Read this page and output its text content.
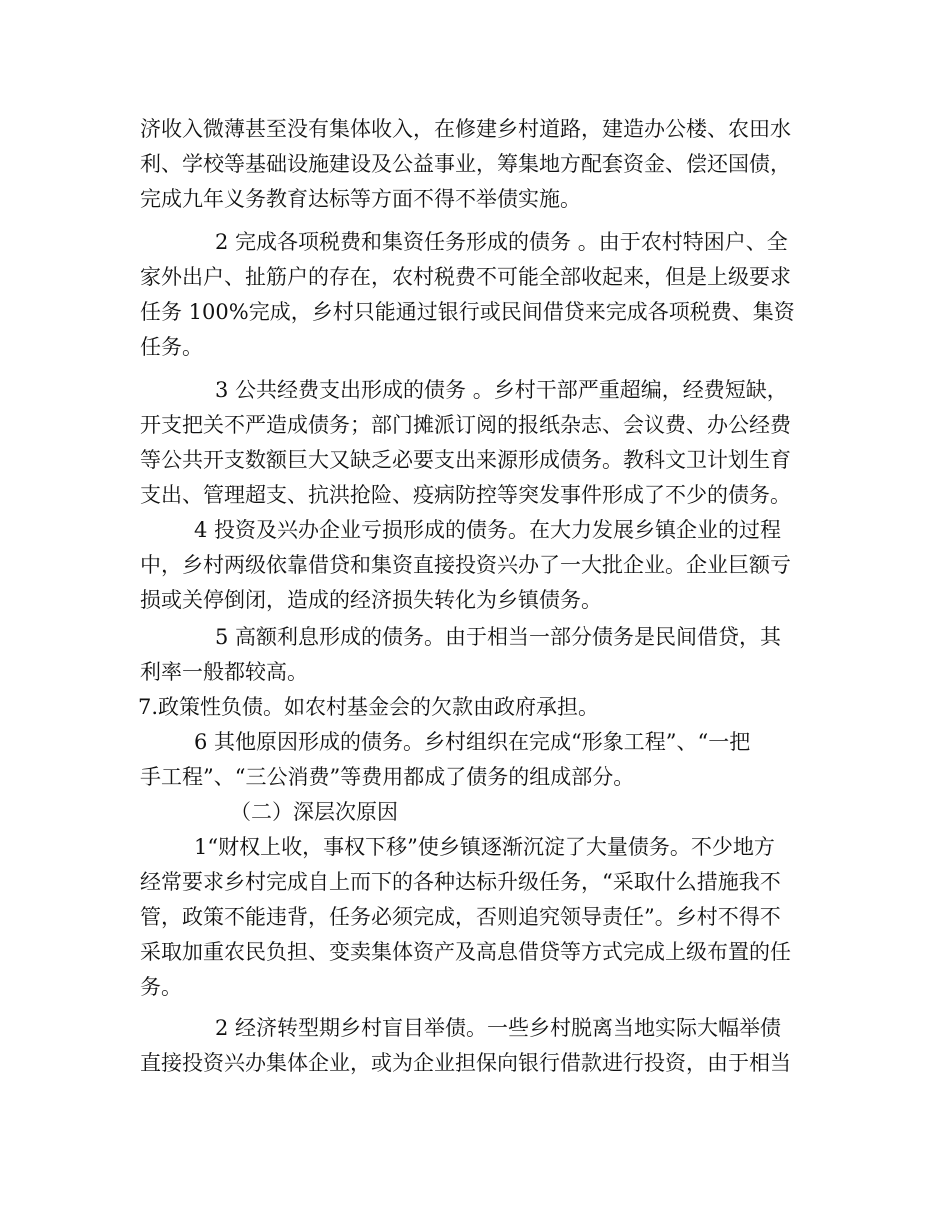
济收入微薄甚至没有集体收入，在修建乡村道路，建造办公楼、农田水
利、学校等基础设施建设及公益事业，筹集地方配套资金、偿还国债，
完成九年义务教育达标等方面不得不举债实施。
2 完成各项税费和集资任务形成的债务 。由于农村特困户、全
家外出户、扯筋户的存在，农村税费不可能全部收起来，但是上级要求
任务 100%完成，乡村只能通过银行或民间借贷来完成各项税费、集资
任务。
3 公共经费支出形成的债务 。乡村干部严重超编，经费短缺，
开支把关不严造成债务；部门摊派订阅的报纸杂志、会议费、办公经费
等公共开支数额巨大又缺乏必要支出来源形成债务。教科文卫计划生育
支出、管理超支、抗洪抢险、疫病防控等突发事件形成了不少的债务。
4 投资及兴办企业亏损形成的债务。在大力发展乡镇企业的过程
中，乡村两级依靠借贷和集资直接投资兴办了一大批企业。企业巨额亏
损或关停倒闭，造成的经济损失转化为乡镇债务。
5 高额利息形成的债务。由于相当一部分债务是民间借贷，其
利率一般都较高。
7.政策性负债。如农村基金会的欠款由政府承担。
6 其他原因形成的债务。乡村组织在完成“形象工程”、“一把
手工程”、“三公消费”等费用都成了债务的组成部分。
（二）深层次原因
1“财权上收，事权下移”使乡镇逐渐沉淀了大量债务。不少地方
经常要求乡村完成自上而下的各种达标升级任务，“采取什么措施我不
管，政策不能违背，任务必须完成，否则追究领导责任”。乡村不得不
采取加重农民负担、变卖集体资产及高息借贷等方式完成上级布置的任
务。
2 经济转型期乡村盲目举债。一些乡村脱离当地实际大幅举债
直接投资兴办集体企业，或为企业担保向银行借款进行投资，由于相当
